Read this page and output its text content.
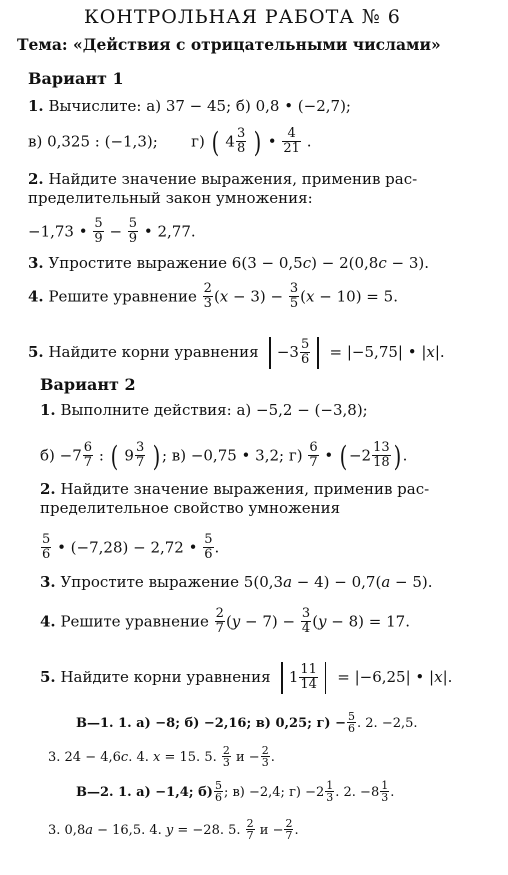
КОНТРОЛЬНАЯ РАБОТА № 6
Тема: «Действия с отрицательными числами»
Вариант 1
1. Вычислите: а) 37 − 45; б) 0,8 • (−2,7);
в) 0,325 : (−1,3); г) ( $4 \frac{3}{8}$ ) • $\frac{4}{21}$ .
2. Найдите значение выражения, применив рас-
пределительный закон умножения:
−1,73 • $\frac{5}{9} - \frac{5}{9}$ • 2,77.
3. Упростите выражение 6(3 − 0,5c) − 2(0,8c − 3).
4. Решите уравнение $\frac{2}{3} (x - 3) - \frac{3}{5} (x - 10) = 5$.
5. Найдите корни уравнения $-3 \frac{5}{6} = |-5,75|$ • |x|.
Вариант 2
1. Выполните действия: а) −5,2 − (−3,8);
$б) -7 \frac{6}{7}$ : ( $9 \frac{3}{7}$ ) ; в) −0,75 • 3,2; $г) \frac{6}{7}$ • ( $-2 \frac{13}{18}$ ) .
2. Найдите значение выражения, применив рас-
пределительное свойство умножения
$\frac{5}{6}$ • (−7,28) − 2,72 • $\frac{5}{6}$ .
3. Упростите выражение 5(0,3a − 4) − 0,7(a − 5).
4. Решите уравнение $\frac{2}{7} (y - 7) - \frac{3}{4} (y - 8) = 17$.
5. Найдите корни уравнения $1 \frac{11}{14} = |-6,25|$ • |x|.
В—1. 1. а) −8; б) −2,16; в) 0,25; $г) - \frac{5}{6}$ . 2. −2,5.
3. 24 − 4,6c. 4. x = 15. 5. $\frac{2}{3}$ $и - \frac{2}{3}$ .
В—2. 1. а) −1,4; $б) \frac{5}{6}$ ; в) −2,4; $г) -2 \frac{1}{3}$ . 2. $-8 \frac{1}{3}$ .
3. 0,8a − 16,5. 4. y = −28. 5. $\frac{2}{7}$ $и - \frac{2}{7}$ .
